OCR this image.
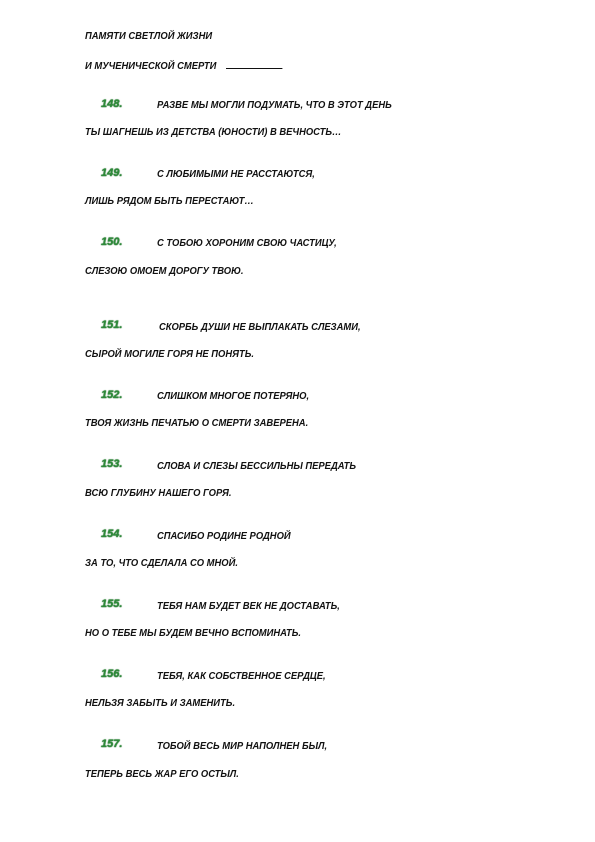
ПАМЯТИ СВЕТЛОЙ ЖИЗНИ
И МУЧЕНИЧЕСКОЙ СМЕРТИ
148.	РАЗВЕ МЫ МОГЛИ ПОДУМАТЬ, ЧТО В ЭТОТ ДЕНЬ
ТЫ ШАГНЕШЬ ИЗ ДЕТСТВА (ЮНОСТИ) В ВЕЧНОСТЬ…
149.	С ЛЮБИМЫМИ НЕ РАССТАЮТСЯ,
ЛИШЬ РЯДОМ БЫТЬ ПЕРЕСТАЮТ…
150.	С ТОБОЮ ХОРОНИМ СВОЮ ЧАСТИЦУ,
СЛЕЗОЮ ОМОЕМ ДОРОГУ ТВОЮ.
151.	СКОРБЬ ДУШИ НЕ ВЫПЛАКАТЬ СЛЕЗАМИ,
СЫРОЙ МОГИЛЕ ГОРЯ НЕ ПОНЯТЬ.
152.	СЛИШКОМ МНОГОЕ ПОТЕРЯНО,
ТВОЯ ЖИЗНЬ ПЕЧАТЬЮ О СМЕРТИ ЗАВЕРЕНА.
153.	СЛОВА И СЛЕЗЫ БЕССИЛЬНЫ ПЕРЕДАТЬ
ВСЮ ГЛУБИНУ НАШЕГО ГОРЯ.
154.	СПАСИБО РОДИНЕ РОДНОЙ
ЗА ТО, ЧТО СДЕЛАЛА СО МНОЙ.
155.	ТЕБЯ НАМ БУДЕТ ВЕК НЕ ДОСТАВАТЬ,
НО О ТЕБЕ МЫ БУДЕМ ВЕЧНО ВСПОМИНАТЬ.
156.	ТЕБЯ, КАК СОБСТВЕННОЕ СЕРДЦЕ,
НЕЛЬЗЯ ЗАБЫТЬ И ЗАМЕНИТЬ.
157.	ТОБОЙ ВЕСЬ МИР НАПОЛНЕН БЫЛ,
ТЕПЕРЬ ВЕСЬ ЖАР ЕГО ОСТЫЛ.
